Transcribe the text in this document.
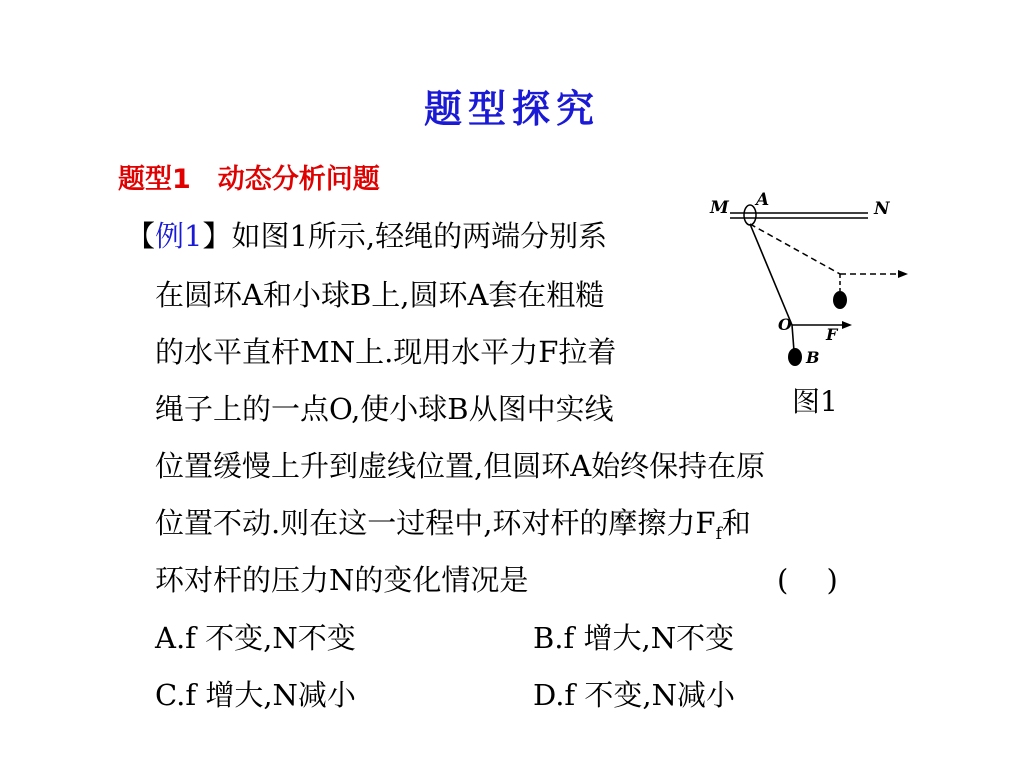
题型探究
题型1　动态分析问题
【例1】如图1所示,轻绳的两端分别系
在圆环A和小球B上,圆环A套在粗糙
的水平直杆MN上.现用水平力F拉着
绳子上的一点O,使小球B从图中实线
位置缓慢上升到虚线位置,但圆环A始终保持在原
位置不动.则在这一过程中,环对杆的摩擦力$F_f$和
环对杆的压力N的变化情况是	(　 )
A.f 不变,N不变	B.f 增大,N不变
C.f 增大,N减小	D.f 不变,N减小
M A	N
O
F
B
图1
